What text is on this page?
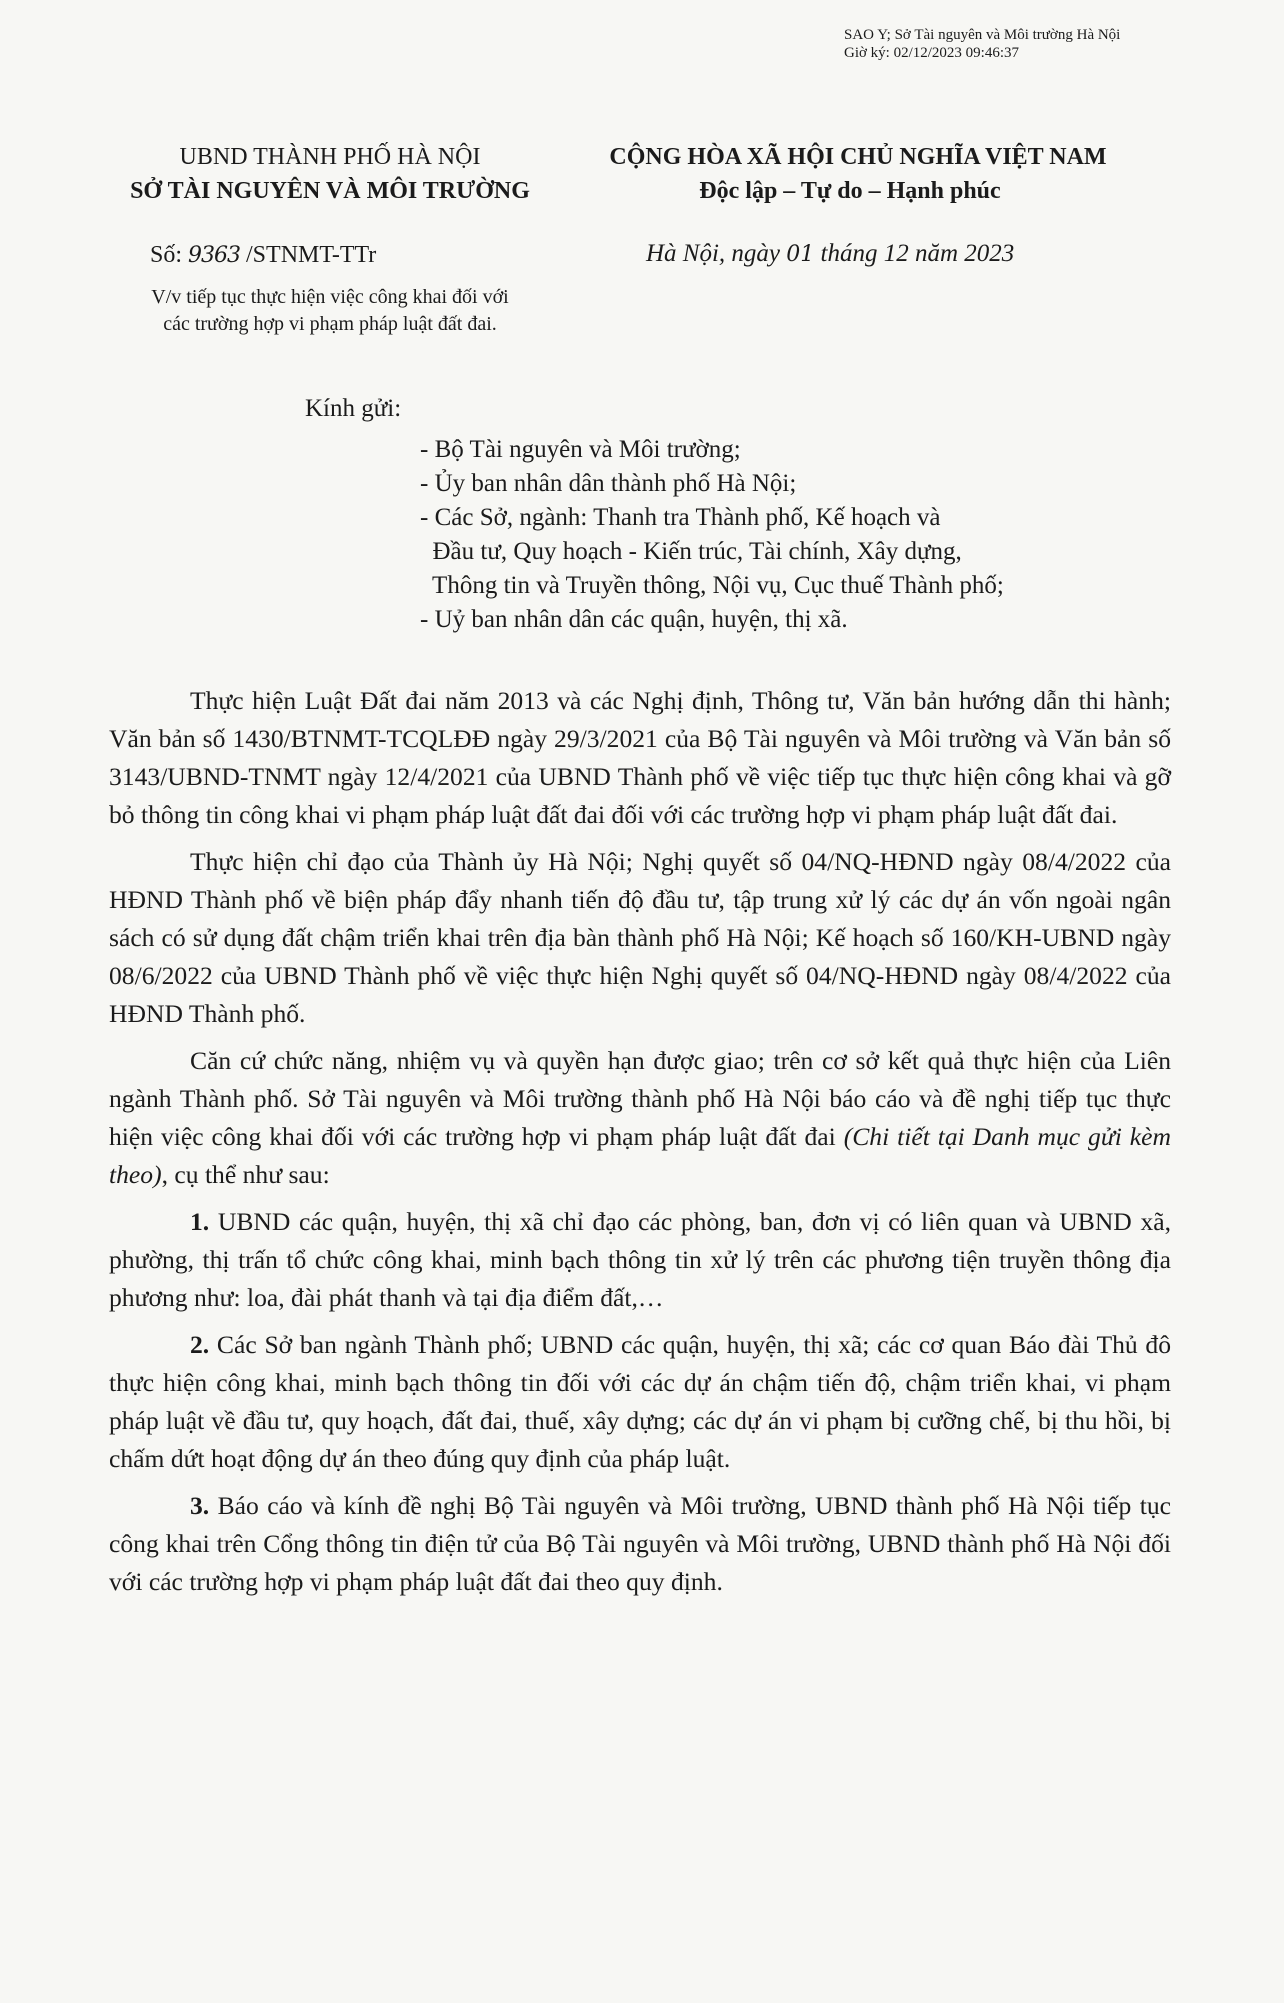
SAO Y; Sở Tài nguyên và Môi trường Hà Nội
Giờ ký: 02/12/2023 09:46:37
UBND THÀNH PHỐ HÀ NỘI
SỞ TÀI NGUYÊN VÀ MÔI TRƯỜNG
CỘNG HÒA XÃ HỘI CHỦ NGHĨA VIỆT NAM
Độc lập – Tự do – Hạnh phúc
Số: 9363 /STNMT-TTr
V/v tiếp tục thực hiện việc công khai đối với
các trường hợp vi phạm pháp luật đất đai.
Hà Nội, ngày 01 tháng 12 năm 2023
Kính gửi:

- Bộ Tài nguyên và Môi trường;

- Ủy ban nhân dân thành phố Hà Nội;

- Các Sở, ngành: Thanh tra Thành phố, Kế hoạch và

Đầu tư, Quy hoạch - Kiến trúc, Tài chính, Xây dựng,

Thông tin và Truyền thông, Nội vụ, Cục thuế Thành phố;

- Uỷ ban nhân dân các quận, huyện, thị xã.

Thực hiện Luật Đất đai năm 2013 và các Nghị định, Thông tư, Văn bản hướng dẫn thi hành; Văn bản số 1430/BTNMT-TCQLĐĐ ngày 29/3/2021 của Bộ Tài nguyên và Môi trường và Văn bản số 3143/UBND-TNMT ngày 12/4/2021 của UBND Thành phố về việc tiếp tục thực hiện công khai và gỡ bỏ thông tin công khai vi phạm pháp luật đất đai đối với các trường hợp vi phạm pháp luật đất đai.

Thực hiện chỉ đạo của Thành ủy Hà Nội; Nghị quyết số 04/NQ-HĐND ngày 08/4/2022 của HĐND Thành phố về biện pháp đẩy nhanh tiến độ đầu tư, tập trung xử lý các dự án vốn ngoài ngân sách có sử dụng đất chậm triển khai trên địa bàn thành phố Hà Nội; Kế hoạch số 160/KH-UBND ngày 08/6/2022 của UBND Thành phố về việc thực hiện Nghị quyết số 04/NQ-HĐND ngày 08/4/2022 của HĐND Thành phố.

Căn cứ chức năng, nhiệm vụ và quyền hạn được giao; trên cơ sở kết quả thực hiện của Liên ngành Thành phố. Sở Tài nguyên và Môi trường thành phố Hà Nội báo cáo và đề nghị tiếp tục thực hiện việc công khai đối với các trường hợp vi phạm pháp luật đất đai (Chi tiết tại Danh mục gửi kèm theo), cụ thể như sau:

1. UBND các quận, huyện, thị xã chỉ đạo các phòng, ban, đơn vị có liên quan và UBND xã, phường, thị trấn tổ chức công khai, minh bạch thông tin xử lý trên các phương tiện truyền thông địa phương như: loa, đài phát thanh và tại địa điểm đất,…

2. Các Sở ban ngành Thành phố; UBND các quận, huyện, thị xã; các cơ quan Báo đài Thủ đô thực hiện công khai, minh bạch thông tin đối với các dự án chậm tiến độ, chậm triển khai, vi phạm pháp luật về đầu tư, quy hoạch, đất đai, thuế, xây dựng; các dự án vi phạm bị cưỡng chế, bị thu hồi, bị chấm dứt hoạt động dự án theo đúng quy định của pháp luật.

3. Báo cáo và kính đề nghị Bộ Tài nguyên và Môi trường, UBND thành phố Hà Nội tiếp tục công khai trên Cổng thông tin điện tử của Bộ Tài nguyên và Môi trường, UBND thành phố Hà Nội đối với các trường hợp vi phạm pháp luật đất đai theo quy định.
